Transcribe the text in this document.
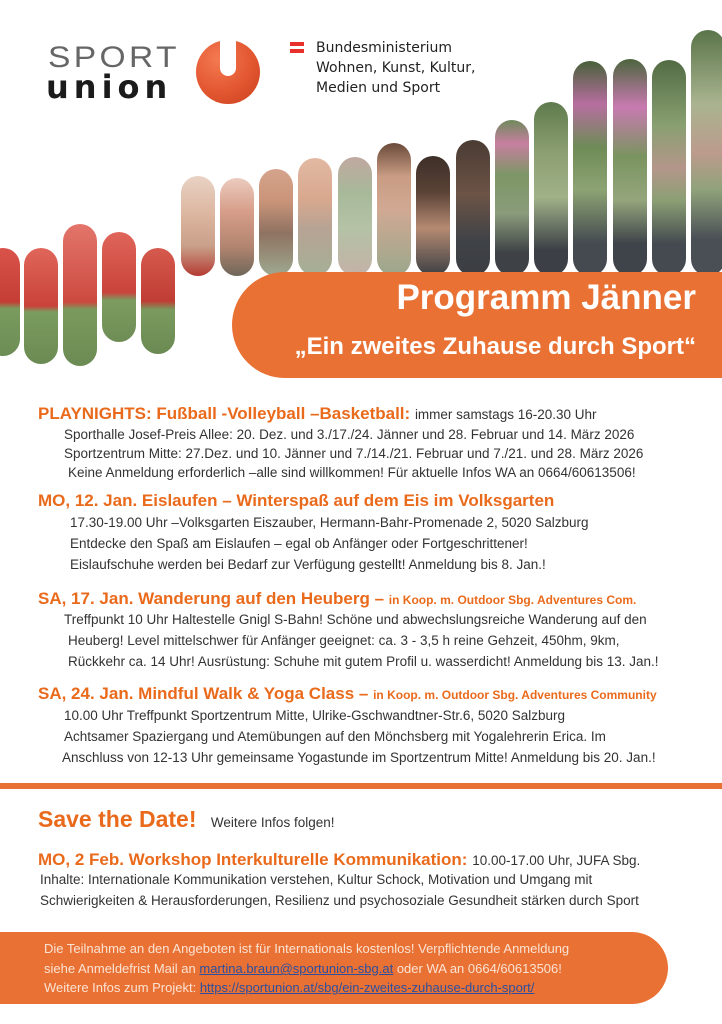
SPORT
union
Bundesministerium
Wohnen, Kunst, Kultur,
Medien und Sport
Programm Jänner
„Ein zweites Zuhause durch Sport“
PLAYNIGHTS: Fußball -Volleyball –Basketball: immer samstags 16-20.30 Uhr
Sporthalle Josef-Preis Allee: 20. Dez. und 3./17./24. Jänner und 28. Februar und 14. März 2026
Sportzentrum Mitte: 27.Dez. und 10. Jänner und 7./14./21. Februar und 7./21. und 28. März 2026
Keine Anmeldung erforderlich –alle sind willkommen! Für aktuelle Infos WA an 0664/60613506!
MO, 12. Jan. Eislaufen – Winterspaß auf dem Eis im Volksgarten
17.30-19.00 Uhr –Volksgarten Eiszauber, Hermann-Bahr-Promenade 2, 5020 Salzburg
Entdecke den Spaß am Eislaufen – egal ob Anfänger oder Fortgeschrittener!
Eislaufschuhe werden bei Bedarf zur Verfügung gestellt! Anmeldung bis 8. Jan.!
SA, 17. Jan. Wanderung auf den Heuberg – in Koop. m. Outdoor Sbg. Adventures Com.
Treffpunkt 10 Uhr Haltestelle Gnigl S-Bahn! Schöne und abwechslungsreiche Wanderung auf den
Heuberg! Level mittelschwer für Anfänger geeignet: ca. 3 - 3,5 h reine Gehzeit, 450hm, 9km,
Rückkehr ca. 14 Uhr! Ausrüstung: Schuhe mit gutem Profil u. wasserdicht! Anmeldung bis 13. Jan.!
SA, 24. Jan. Mindful Walk & Yoga Class – in Koop. m. Outdoor Sbg. Adventures Community
10.00 Uhr Treffpunkt Sportzentrum Mitte, Ulrike-Gschwandtner-Str.6, 5020 Salzburg
Achtsamer Spaziergang und Atemübungen auf den Mönchsberg mit Yogalehrerin Erica. Im
Anschluss von 12-13 Uhr gemeinsame Yogastunde im Sportzentrum Mitte! Anmeldung bis 20. Jan.!
Save the Date! Weitere Infos folgen!
MO, 2 Feb. Workshop Interkulturelle Kommunikation: 10.00-17.00 Uhr, JUFA Sbg.
Inhalte: Internationale Kommunikation verstehen, Kultur Schock, Motivation und Umgang mit
Schwierigkeiten & Herausforderungen, Resilienz und psychosoziale Gesundheit stärken durch Sport
Die Teilnahme an den Angeboten ist für Internationals kostenlos! Verpflichtende Anmeldung
siehe Anmeldefrist Mail an martina.braun@sportunion-sbg.at oder WA an 0664/60613506!
Weitere Infos zum Projekt: https://sportunion.at/sbg/ein-zweites-zuhause-durch-sport/
